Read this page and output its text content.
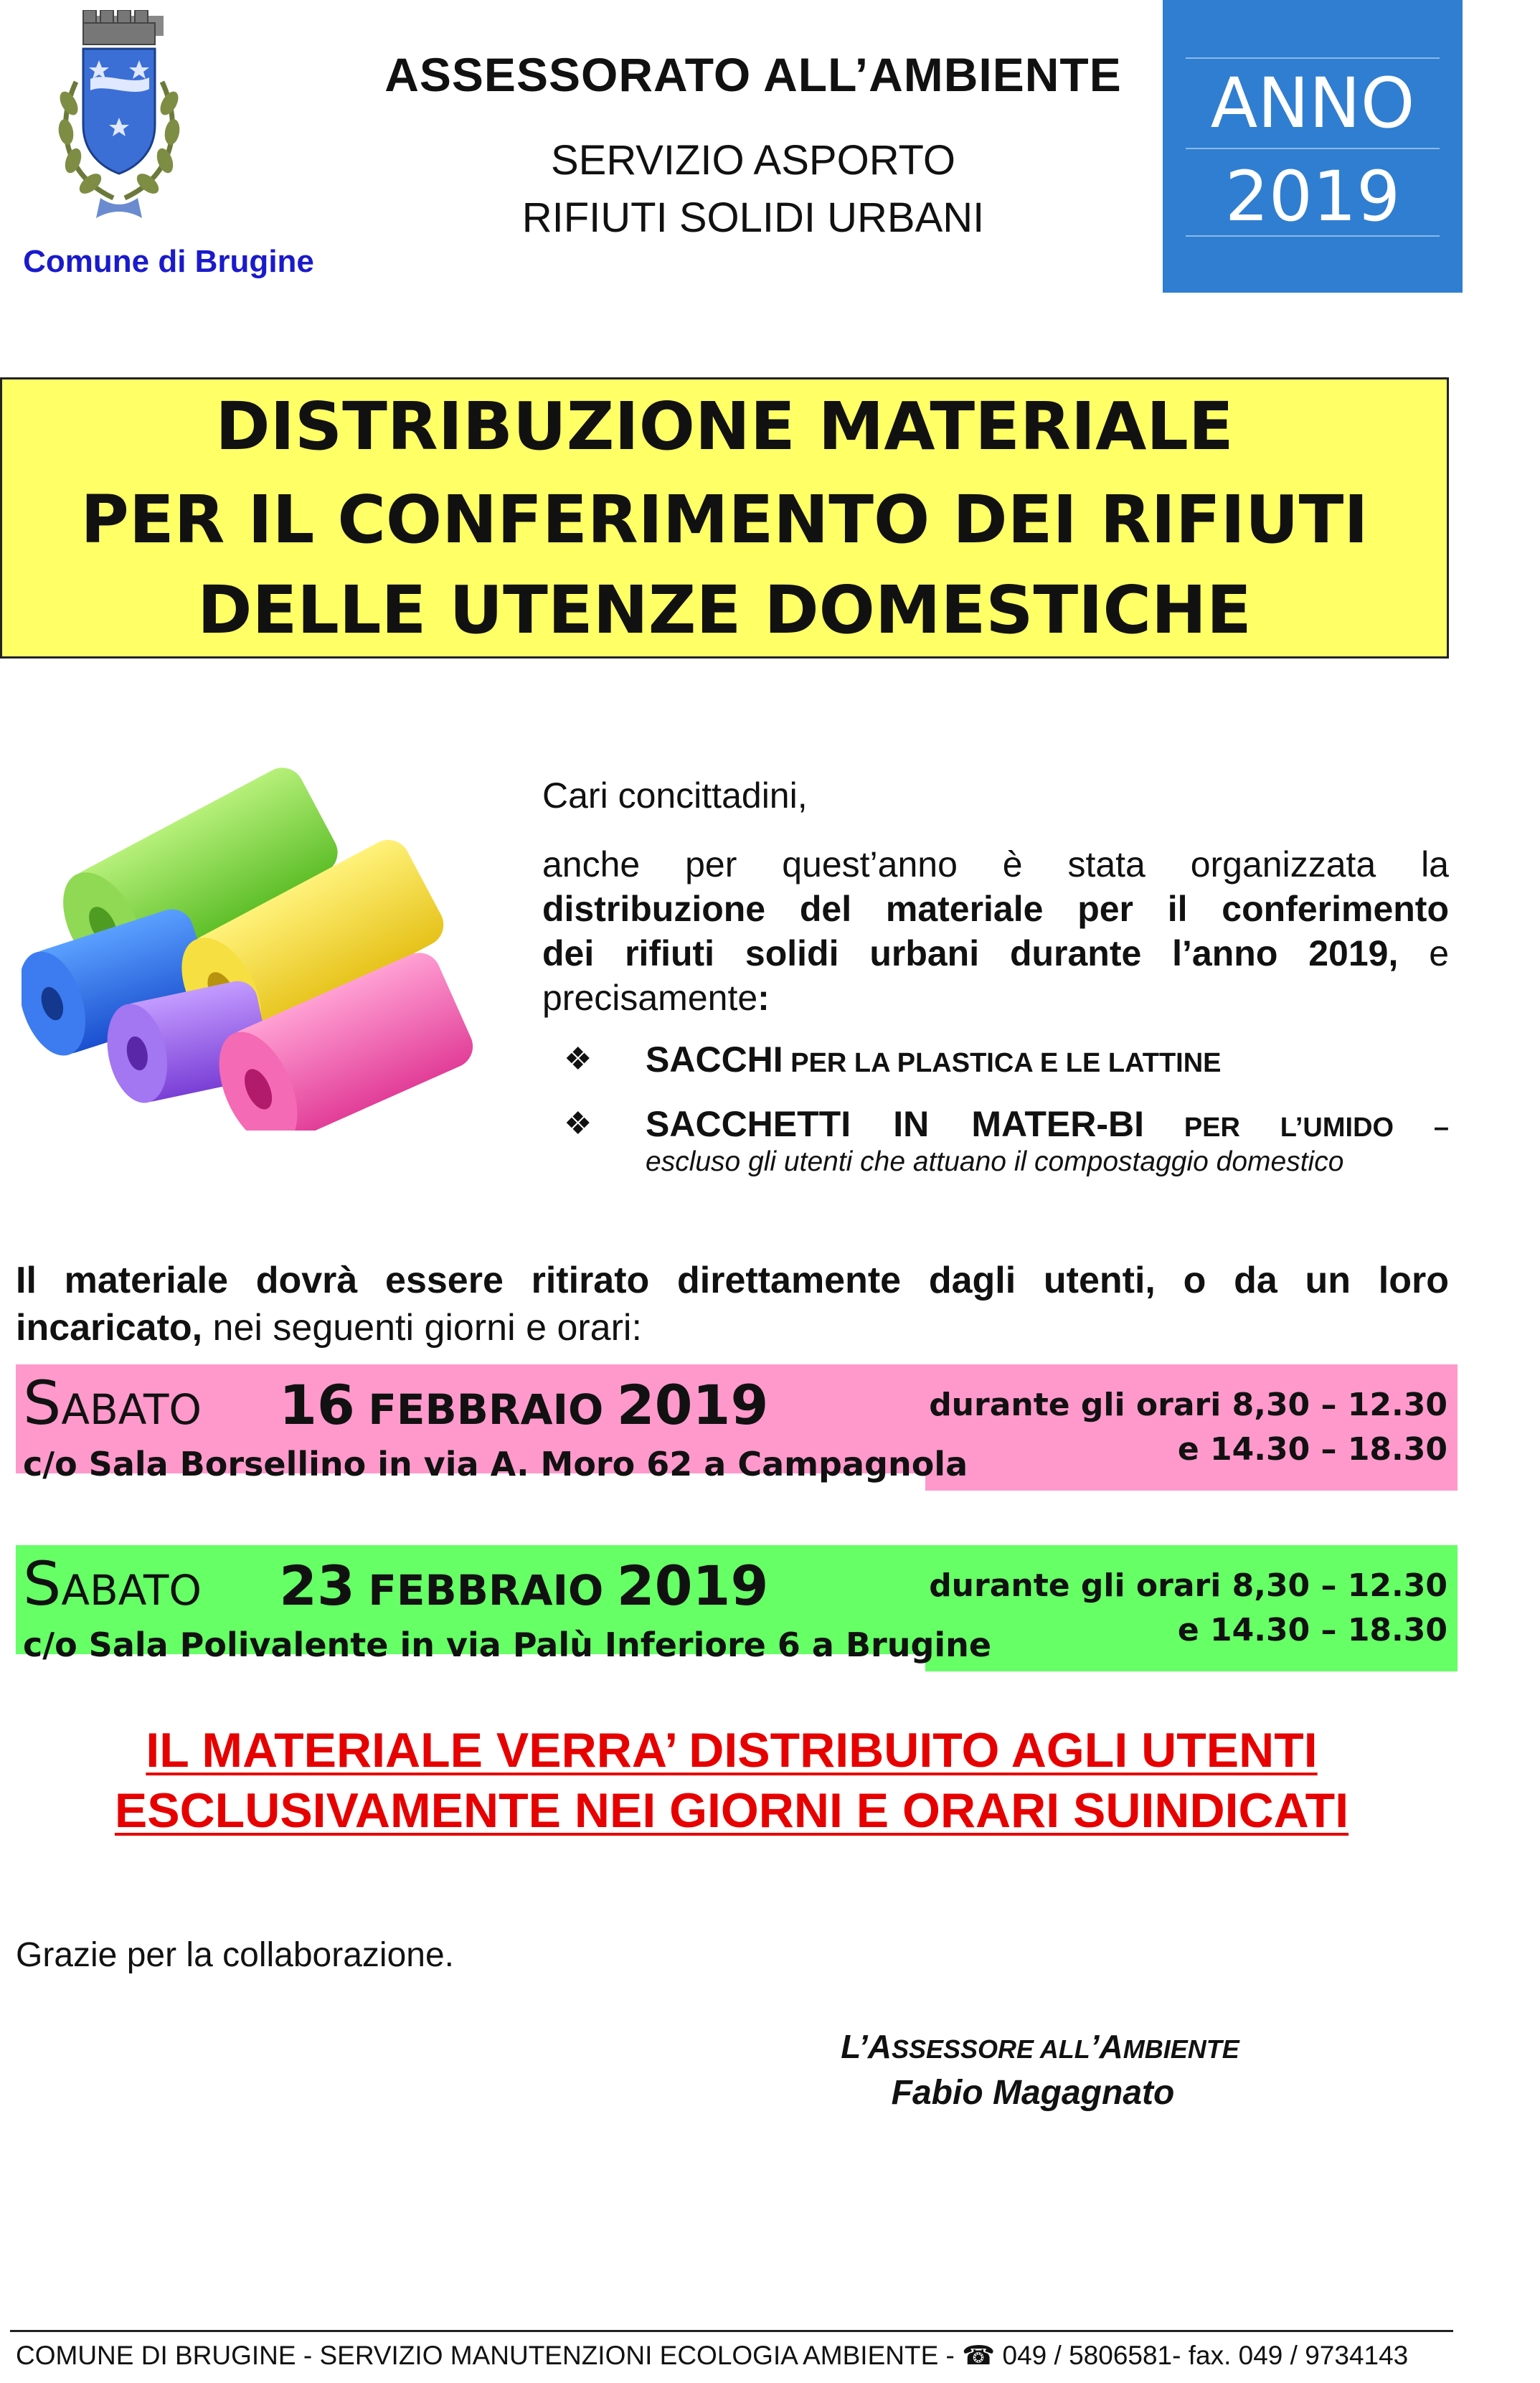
Comune di Brugine
ASSESSORATO ALL’AMBIENTE
SERVIZIO ASPORTO
RIFIUTI SOLIDI URBANI
ANNO
2019
DISTRIBUZIONE MATERIALE
PER IL CONFERIMENTO DEI RIFIUTI
DELLE UTENZE DOMESTICHE
Cari concittadini,
anche per quest’anno è stata organizzata la
distribuzione del materiale per il conferimento
dei rifiuti solidi urbani durante l’anno 2019, e
precisamente:
❖ SACCHI PER LA PLASTICA E LE LATTINE
❖ SACCHETTI IN MATER-BI PER L’UMIDO –
escluso gli utenti che attuano il compostaggio domestico
Il materiale dovrà essere ritirato direttamente dagli utenti, o da un loro
incaricato, nei seguenti giorni e orari:
SABATO 16 FEBBRAIO 2019
c/o Sala Borsellino in via A. Moro 62 a Campagnola
durante gli orari 8,30 – 12.30
e 14.30 – 18.30
SABATO 23 FEBBRAIO 2019
c/o Sala Polivalente in via Palù Inferiore 6 a Brugine
durante gli orari 8,30 – 12.30
e 14.30 – 18.30
IL MATERIALE VERRA’ DISTRIBUITO AGLI UTENTI
ESCLUSIVAMENTE NEI GIORNI E ORARI SUINDICATI
Grazie per la collaborazione.
L’ASSESSORE ALL’AMBIENTE
Fabio Magagnato
COMUNE DI BRUGINE - SERVIZIO MANUTENZIONI ECOLOGIA AMBIENTE - ☎ 049 / 5806581- fax. 049 / 9734143
